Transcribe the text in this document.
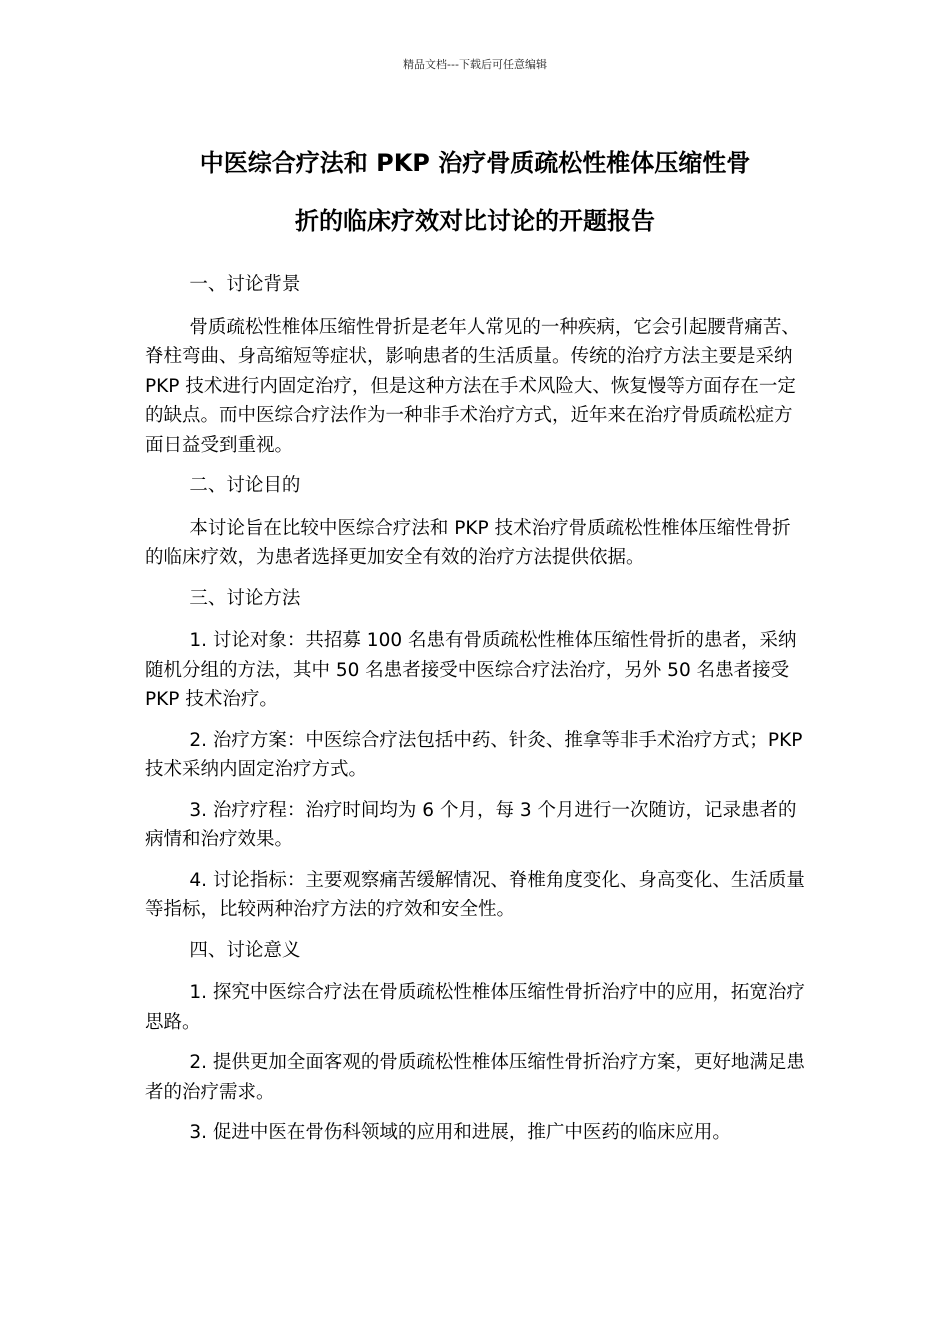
精品文档---下载后可任意编辑
中医综合疗法和 PKP 治疗骨质疏松性椎体压缩性骨
折的临床疗效对比讨论的开题报告

一、讨论背景

骨质疏松性椎体压缩性骨折是老年人常见的一种疾病，它会引起腰背痛苦、脊柱弯曲、身高缩短等症状，影响患者的生活质量。传统的治疗方法主要是采纳 PKP 技术进行内固定治疗，但是这种方法在手术风险大、恢复慢等方面存在一定的缺点。而中医综合疗法作为一种非手术治疗方式，近年来在治疗骨质疏松症方面日益受到重视。

二、讨论目的

本讨论旨在比较中医综合疗法和 PKP 技术治疗骨质疏松性椎体压缩性骨折的临床疗效，为患者选择更加安全有效的治疗方法提供依据。

三、讨论方法

1. 讨论对象：共招募 100 名患有骨质疏松性椎体压缩性骨折的患者，采纳随机分组的方法，其中 50 名患者接受中医综合疗法治疗，另外 50 名患者接受 PKP 技术治疗。

2. 治疗方案：中医综合疗法包括中药、针灸、推拿等非手术治疗方式；PKP 技术采纳内固定治疗方式。

3. 治疗疗程：治疗时间均为 6 个月，每 3 个月进行一次随访，记录患者的病情和治疗效果。

4. 讨论指标：主要观察痛苦缓解情况、脊椎角度变化、身高变化、生活质量等指标，比较两种治疗方法的疗效和安全性。

四、讨论意义

1. 探究中医综合疗法在骨质疏松性椎体压缩性骨折治疗中的应用，拓宽治疗思路。

2. 提供更加全面客观的骨质疏松性椎体压缩性骨折治疗方案，更好地满足患者的治疗需求。

3. 促进中医在骨伤科领域的应用和进展，推广中医药的临床应用。
